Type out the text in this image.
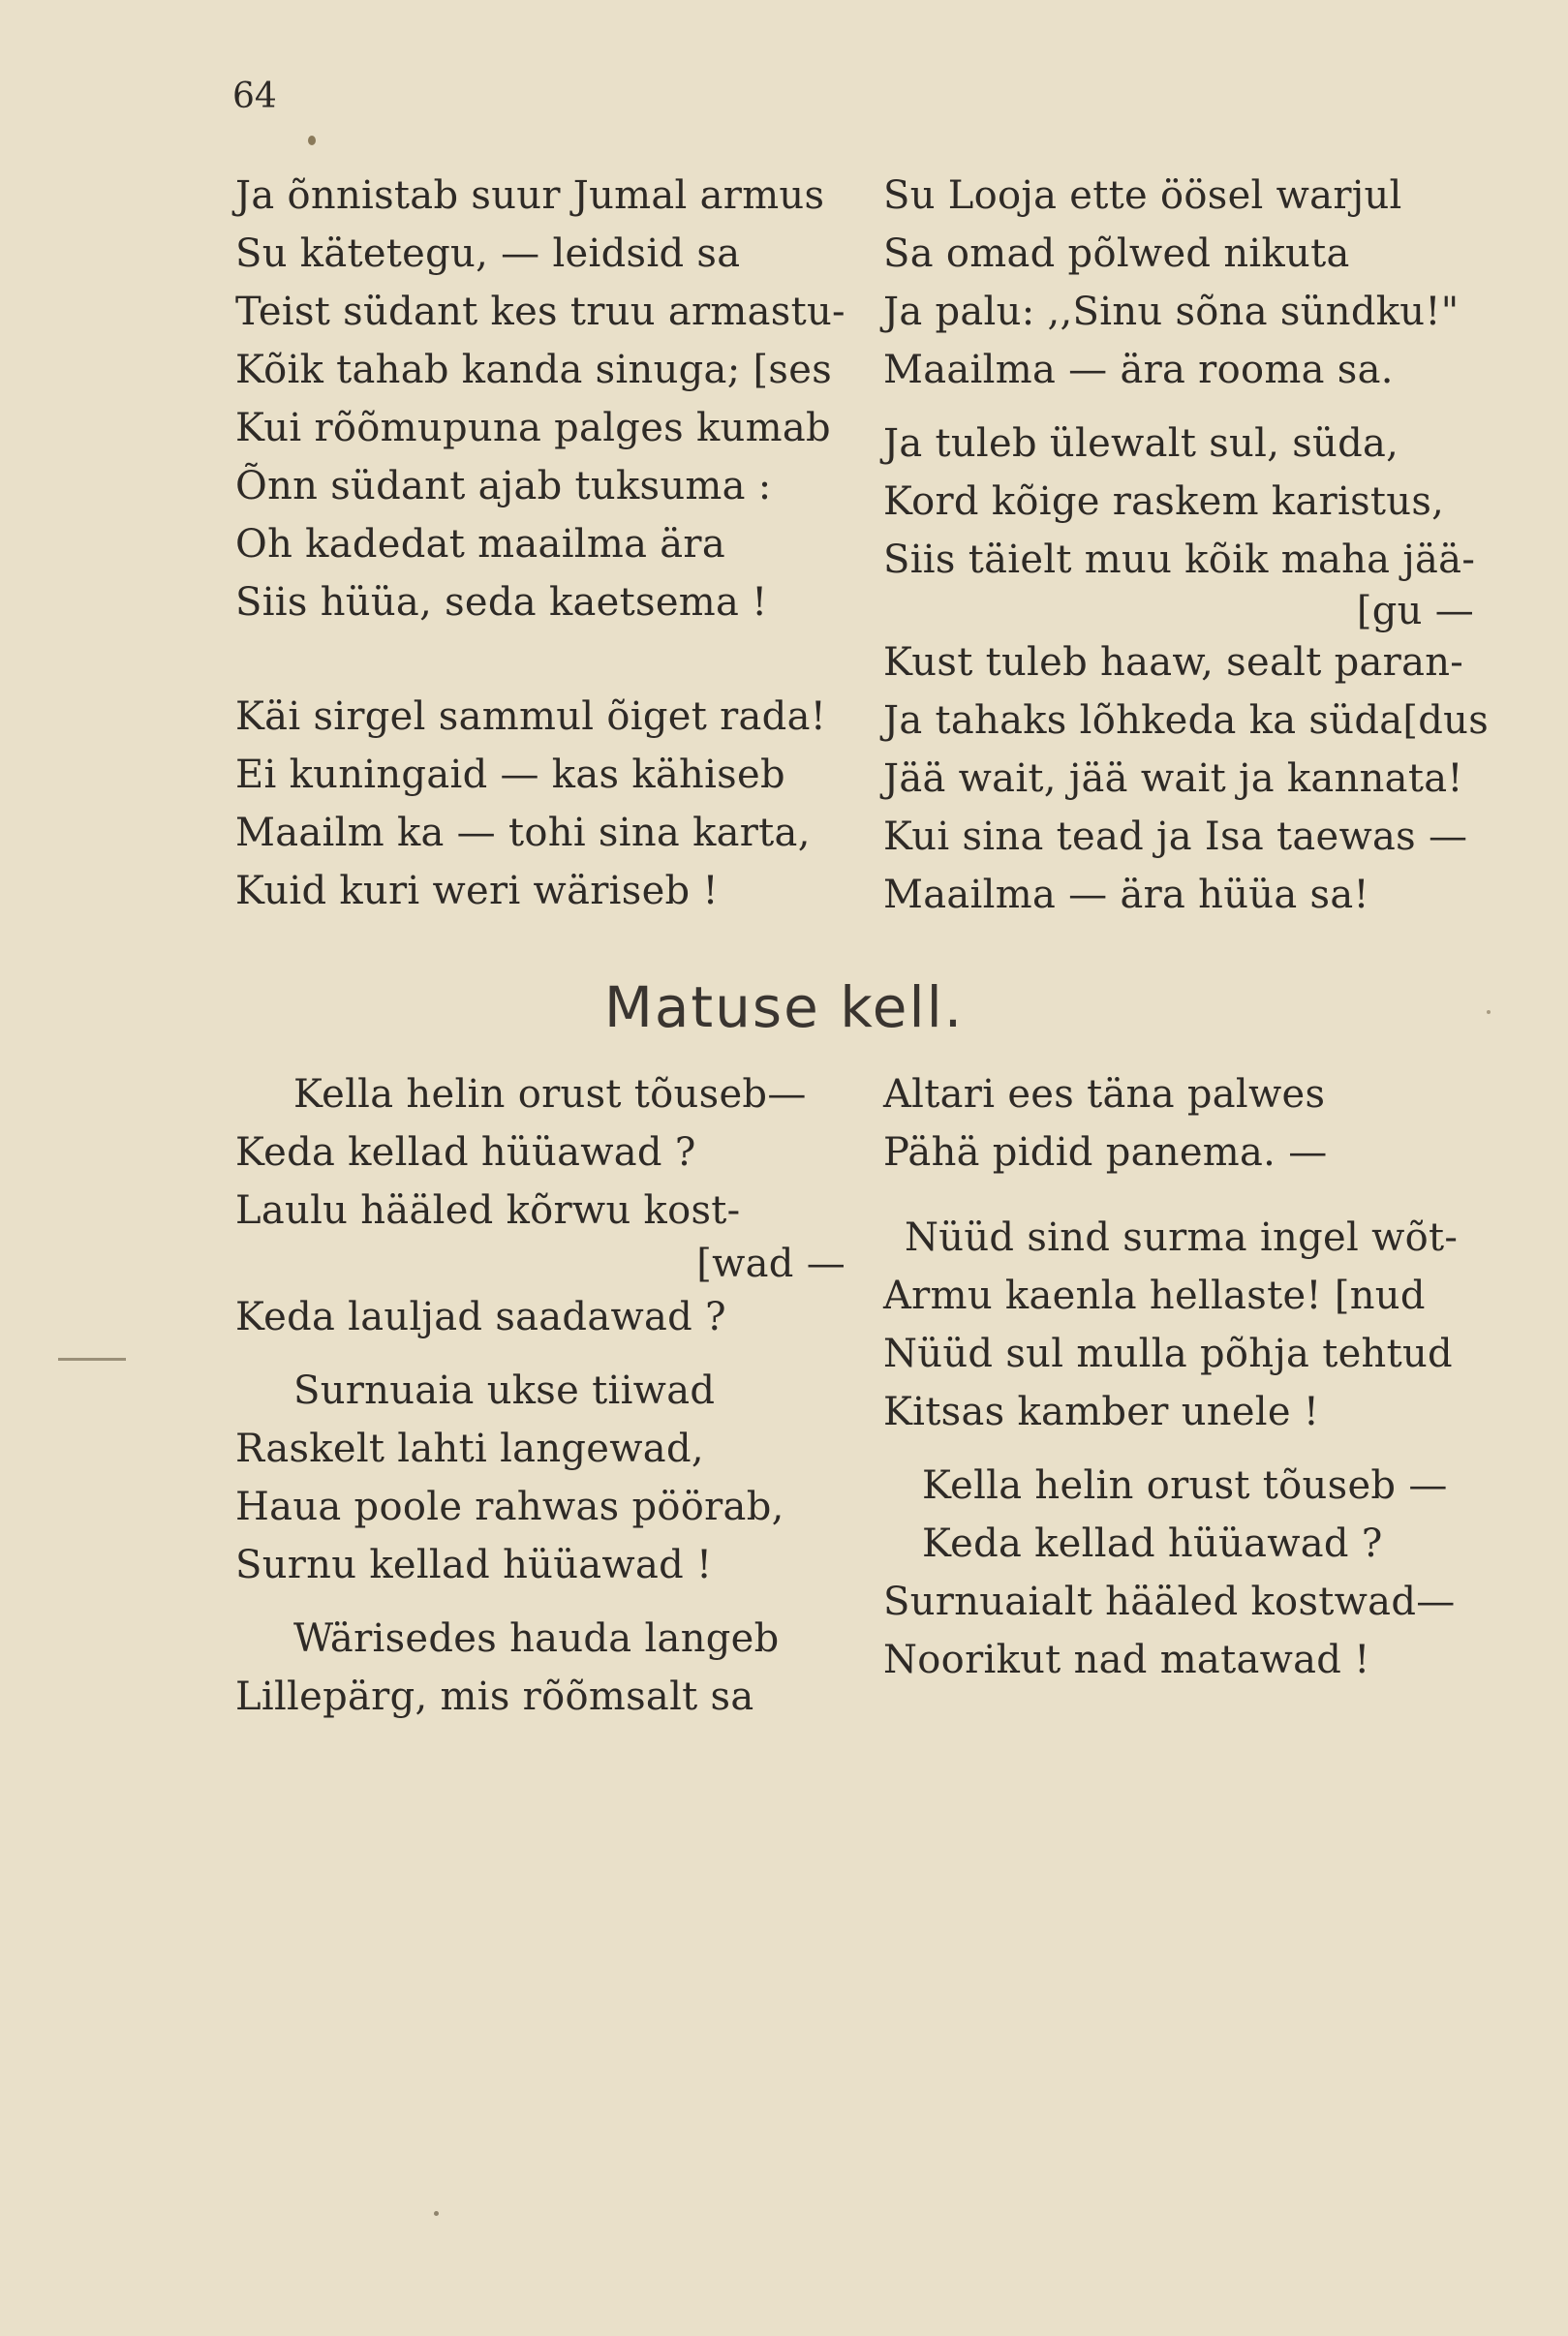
64
Ja õnnistab suur Jumal armus
Su kätetegu, — leidsid sa
Teist südant kes truu armastu-
Kõik tahab kanda sinuga; [ses
Kui rõõmupuna palges kumab
Õnn südant ajab tuksuma :
Oh kadedat maailma ära
Siis hüüa, seda kaetsema !
Käi sirgel sammul õiget rada!
Ei kuningaid — kas kähiseb
Maailm ka — tohi sina karta,
Kuid kuri weri wäriseb !
Su Looja ette öösel warjul
Sa omad põlwed nikuta
Ja palu: ,,Sinu sõna sündku!"
Maailma — ära rooma sa.
Ja tuleb ülewalt sul, süda,
Kord kõige raskem karistus,
Siis täielt muu kõik maha jää-
[gu —
Kust tuleb haaw, sealt paran-
Ja tahaks lõhkeda ka süda[dus
Jää wait, jää wait ja kannata!
Kui sina tead ja Isa taewas —
Maailma — ära hüüa sa!
Matuse kell.
Kella helin orust tõuseb—
Keda kellad hüüawad ?
Laulu hääled kõrwu kost-
[wad —
Keda lauljad saadawad ?
Surnuaia ukse tiiwad
Raskelt lahti langewad,
Haua poole rahwas pöörab,
Surnu kellad hüüawad !
Wärisedes hauda langeb
Lillepärg, mis rõõmsalt sa
Altari ees täna palwes
Pähä pidid panema. —
Nüüd sind surma ingel wõt-
Armu kaenla hellaste! [nud
Nüüd sul mulla põhja tehtud
Kitsas kamber unele !
Kella helin orust tõuseb —
Keda kellad hüüawad ?
Surnuaialt hääled kostwad—
Noorikut nad matawad !
